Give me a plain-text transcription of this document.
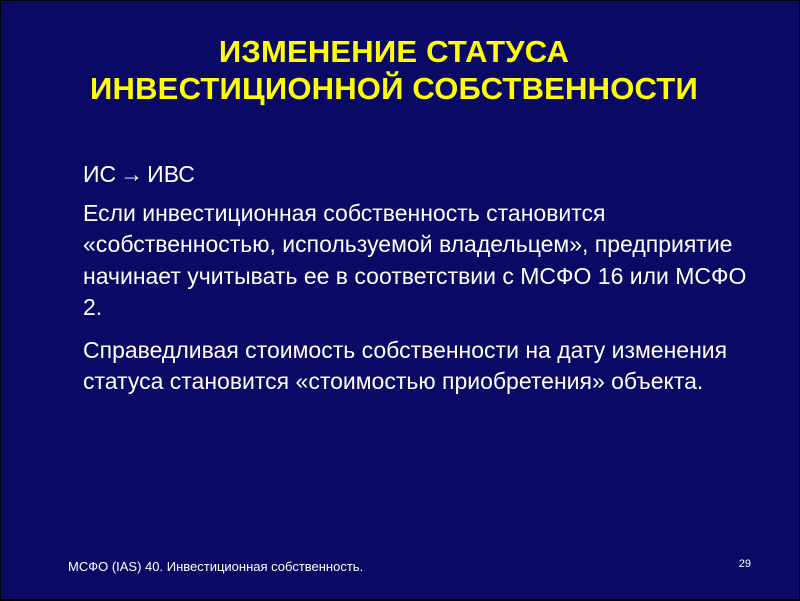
ИЗМЕНЕНИЕ СТАТУСА
ИНВЕСТИЦИОННОЙ СОБСТВЕННОСТИ
ИС → ИВС
Если инвестиционная собственность становится «собственностью, используемой владельцем», предприятие начинает учитывать ее в соответствии с МСФО 16 или МСФО 2.
Справедливая стоимость собственности на дату изменения статуса становится «стоимостью приобретения» объекта.
МСФО (IAS) 40. Инвестиционная собственность.	29
